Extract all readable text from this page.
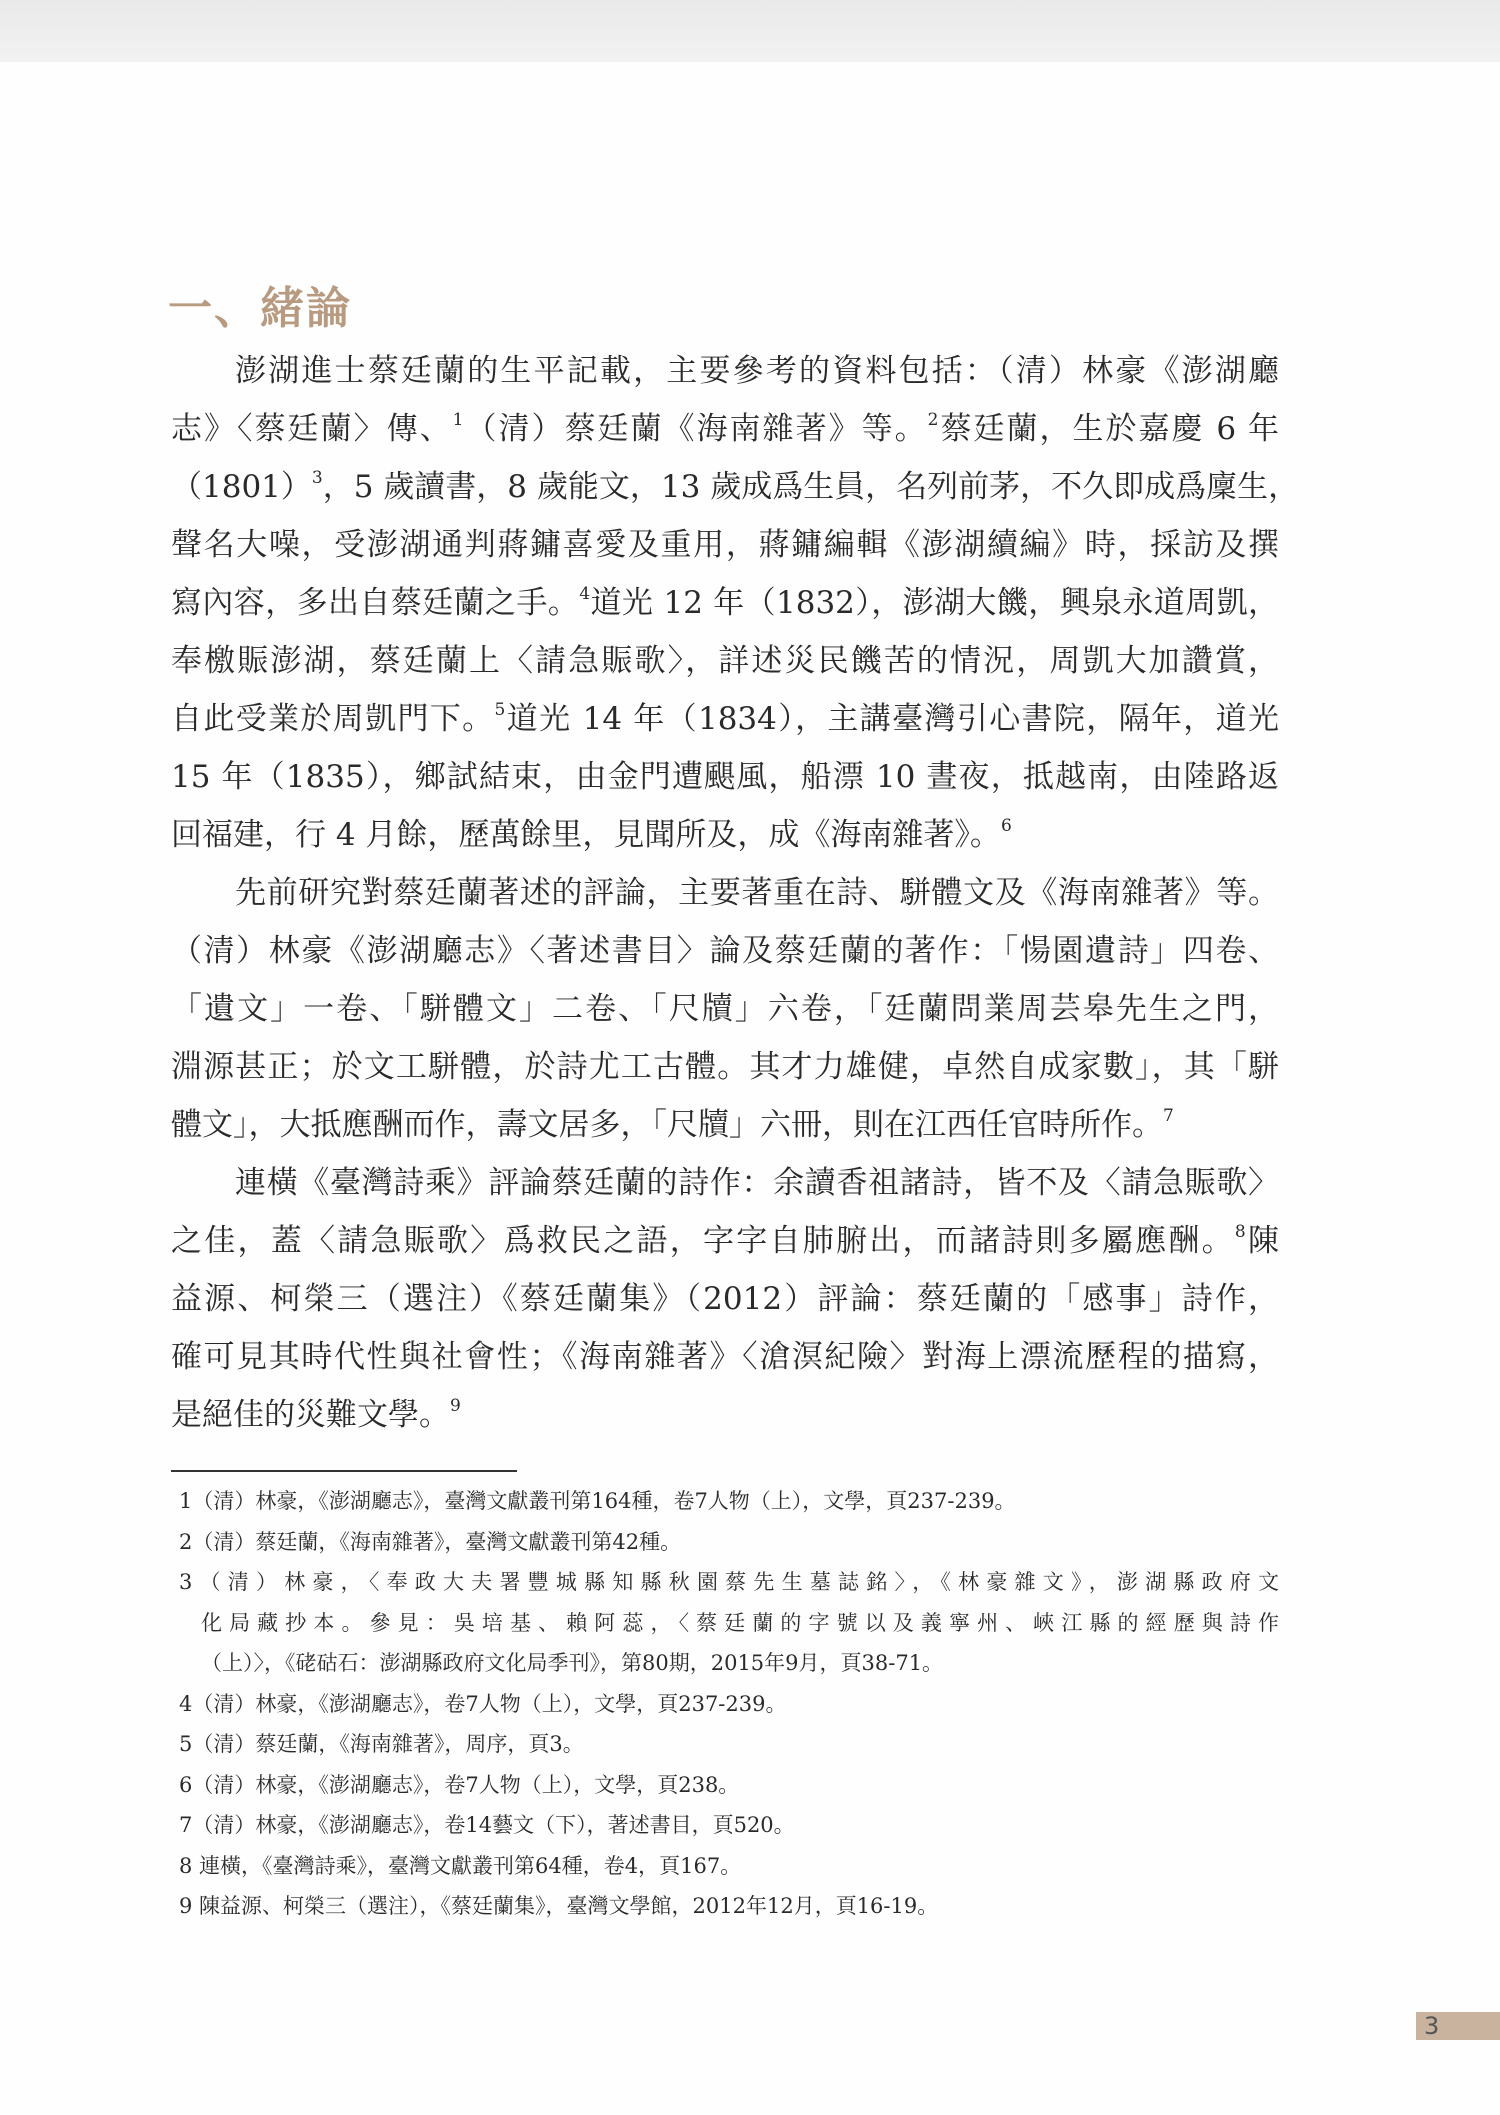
一、緒論
澎湖進士蔡廷蘭的生平記載，主要參考的資料包括：（清）林豪《澎湖廳
志》〈蔡廷蘭〉傳、$^1$（清）蔡廷蘭《海南雜著》等。$^2$蔡廷蘭，生於嘉慶 6 年
$(1801)^3$，5 歲讀書，8 歲能文，13 歲成爲生員，名列前茅，不久即成爲廩生，
聲名大噪，受澎湖通判蔣鏞喜愛及重用，蔣鏞編輯《澎湖續編》時，採訪及撰
寫內容，多出自蔡廷蘭之手。$^4$道光 12 年（1832），澎湖大饑，興泉永道周凱，
奉檄賑澎湖，蔡廷蘭上〈請急賑歌〉，詳述災民饑苦的情況，周凱大加讚賞，
自此受業於周凱門下。$^5$道光 14 年（1834），主講臺灣引心書院，隔年，道光
15 年（1835），鄉試結束，由金門遭颶風，船漂 10 晝夜，抵越南，由陸路返
回福建，行 4 月餘，歷萬餘里，見聞所及，成《海南雜著》。$^6$
先前研究對蔡廷蘭著述的評論，主要著重在詩、駢體文及《海南雜著》等。
（清）林豪《澎湖廳志》〈著述書目〉論及蔡廷蘭的著作：「愓園遺詩」四卷、
「遺文」一卷、「駢體文」二卷、「尺牘」六卷，「廷蘭問業周芸皋先生之門，
淵源甚正；於文工駢體，於詩尤工古體。其才力雄健，卓然自成家數」，其「駢
體文」，大抵應酬而作，壽文居多，「尺牘」六冊，則在江西任官時所作。$^7$
連橫《臺灣詩乘》評論蔡廷蘭的詩作：余讀香祖諸詩，皆不及〈請急賑歌〉
之佳，蓋〈請急賑歌〉爲救民之語，字字自肺腑出，而諸詩則多屬應酬。$^8$陳
益源、柯榮三（選注）《蔡廷蘭集》（2012）評論：蔡廷蘭的「感事」詩作，
確可見其時代性與社會性；《海南雜著》〈滄溟紀險〉對海上漂流歷程的描寫，
是絕佳的災難文學。$^9$
1（清）林豪，《澎湖廳志》，臺灣文獻叢刊第164種，卷7人物（上），文學，頁237-239。
2（清）蔡廷蘭，《海南雜著》，臺灣文獻叢刊第42種。
3（清）林豪，〈奉政大夫署豐城縣知縣秋園蔡先生墓誌銘〉，《林豪雜文》，澎湖縣政府文
化局藏抄本。參見：吳培基、賴阿蕊，〈蔡廷蘭的字號以及義寧州、峽江縣的經歷與詩作
（上）〉，《硓𥑮石：澎湖縣政府文化局季刊》，第80期，2015年9月，頁38-71。
4（清）林豪，《澎湖廳志》，卷7人物（上），文學，頁237-239。
5（清）蔡廷蘭，《海南雜著》，周序，頁3。
6（清）林豪，《澎湖廳志》，卷7人物（上），文學，頁238。
7（清）林豪，《澎湖廳志》，卷14藝文（下），著述書目，頁520。
8 連橫，《臺灣詩乘》，臺灣文獻叢刊第64種，卷4，頁167。
9 陳益源、柯榮三（選注），《蔡廷蘭集》，臺灣文學館，2012年12月，頁16-19。
3
